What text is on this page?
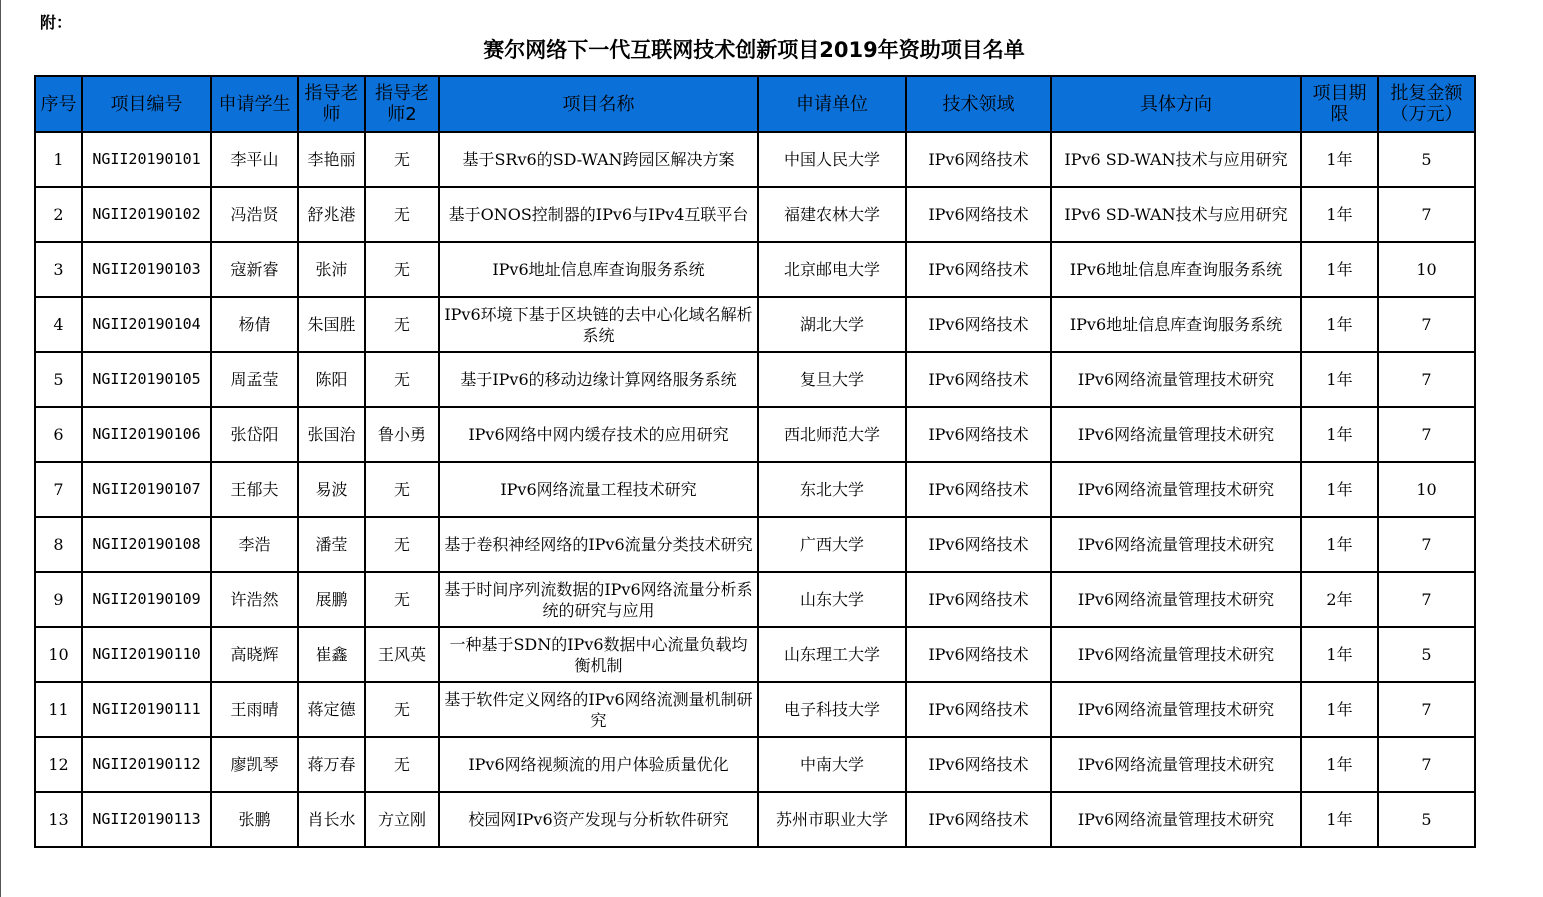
附：
赛尔网络下一代互联网技术创新项目2019年资助项目名单
序号	项目编号	申请学生	指导老师	指导老师2	项目名称	申请单位	技术领域	具体方向	项目期限	批复金额（万元）
1	NGII20190101	李平山	李艳丽	无	基于SRv6的SD-WAN跨园区解决方案	中国人民大学	IPv6网络技术	IPv6 SD-WAN技术与应用研究	1年	5
2	NGII20190102	冯浩贤	舒兆港	无	基于ONOS控制器的IPv6与IPv4互联平台	福建农林大学	IPv6网络技术	IPv6 SD-WAN技术与应用研究	1年	7
3	NGII20190103	寇新睿	张沛	无	IPv6地址信息库查询服务系统	北京邮电大学	IPv6网络技术	IPv6地址信息库查询服务系统	1年	10
4	NGII20190104	杨倩	朱国胜	无	IPv6环境下基于区块链的去中心化域名解析系统	湖北大学	IPv6网络技术	IPv6地址信息库查询服务系统	1年	7
5	NGII20190105	周孟莹	陈阳	无	基于IPv6的移动边缘计算网络服务系统	复旦大学	IPv6网络技术	IPv6网络流量管理技术研究	1年	7
6	NGII20190106	张岱阳	张国治	鲁小勇	IPv6网络中网内缓存技术的应用研究	西北师范大学	IPv6网络技术	IPv6网络流量管理技术研究	1年	7
7	NGII20190107	王郁夫	易波	无	IPv6网络流量工程技术研究	东北大学	IPv6网络技术	IPv6网络流量管理技术研究	1年	10
8	NGII20190108	李浩	潘莹	无	基于卷积神经网络的IPv6流量分类技术研究	广西大学	IPv6网络技术	IPv6网络流量管理技术研究	1年	7
9	NGII20190109	许浩然	展鹏	无	基于时间序列流数据的IPv6网络流量分析系统的研究与应用	山东大学	IPv6网络技术	IPv6网络流量管理技术研究	2年	7
10	NGII20190110	高晓辉	崔鑫	王风英	一种基于SDN的IPv6数据中心流量负载均衡机制	山东理工大学	IPv6网络技术	IPv6网络流量管理技术研究	1年	5
11	NGII20190111	王雨晴	蒋定德	无	基于软件定义网络的IPv6网络流测量机制研究	电子科技大学	IPv6网络技术	IPv6网络流量管理技术研究	1年	7
12	NGII20190112	廖凯琴	蒋万春	无	IPv6网络视频流的用户体验质量优化	中南大学	IPv6网络技术	IPv6网络流量管理技术研究	1年	7
13	NGII20190113	张鹏	肖长水	方立刚	校园网IPv6资产发现与分析软件研究	苏州市职业大学	IPv6网络技术	IPv6网络流量管理技术研究	1年	5
